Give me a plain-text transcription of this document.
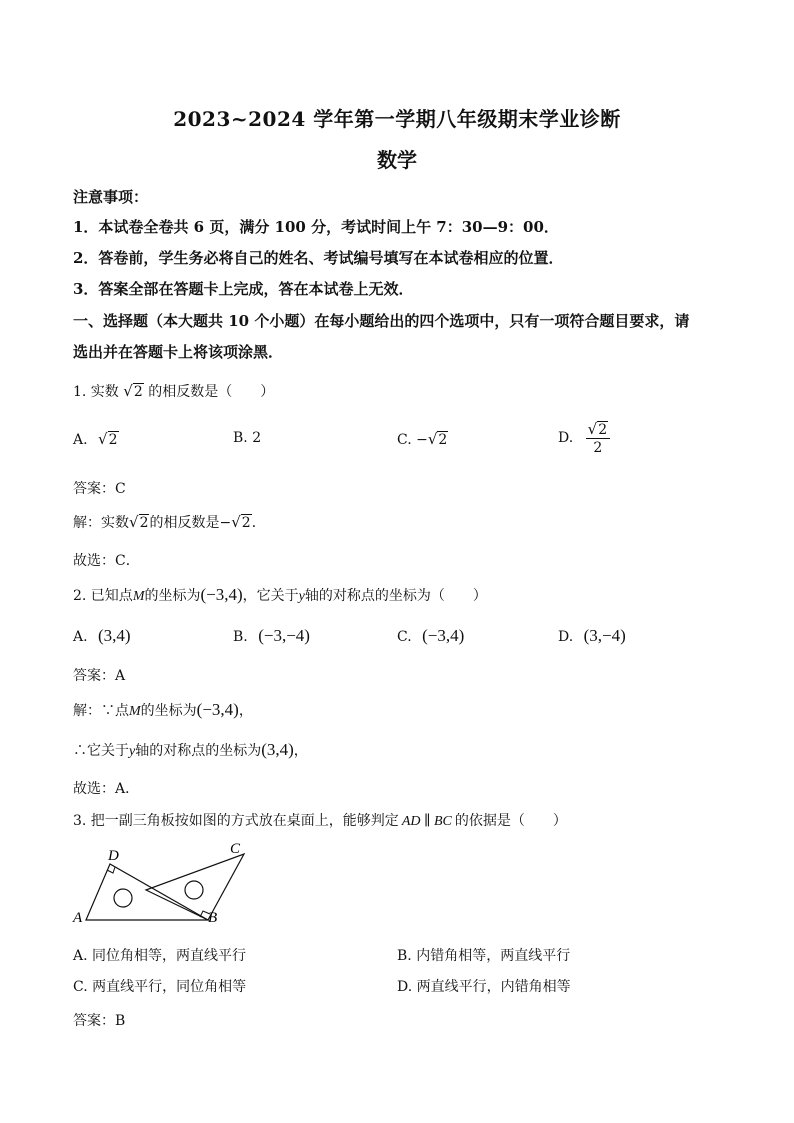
2023~2024 学年第一学期八年级期末学业诊断
数学
注意事项：
1．本试卷全卷共 6 页，满分 100 分，考试时间上午 7：30—9：00．
2．答卷前，学生务必将自己的姓名、考试编号填写在本试卷相应的位置．
3．答案全部在答题卡上完成，答在本试卷上无效．
一、选择题（本大题共 10 个小题）在每小题给出的四个选项中，只有一项符合题目要求，请
选出并在答题卡上将该项涂黑．
1. 实数 √2 的相反数是（　　）
A. √2	B. 2	C. −√2	D. $\frac{√2}{2}$
答案：C
解：实数√2的相反数是−√2．
故选：C．
2. 已知点M的坐标为(−3,4)，它关于y轴的对称点的坐标为（　　）
A. (3,4)	B. (−3,−4)	C. (−3,4)	D. (3,−4)
答案：A
解：∵点M的坐标为(−3,4)，
∴它关于y轴的对称点的坐标为(3,4)，
故选：A．
3. 把一副三角板按如图的方式放在桌面上，能够判定 AD ∥ BC 的依据是（　　）
D	C
A	B
A. 同位角相等，两直线平行	B. 内错角相等，两直线平行
C. 两直线平行，同位角相等	D. 两直线平行，内错角相等
答案：B
